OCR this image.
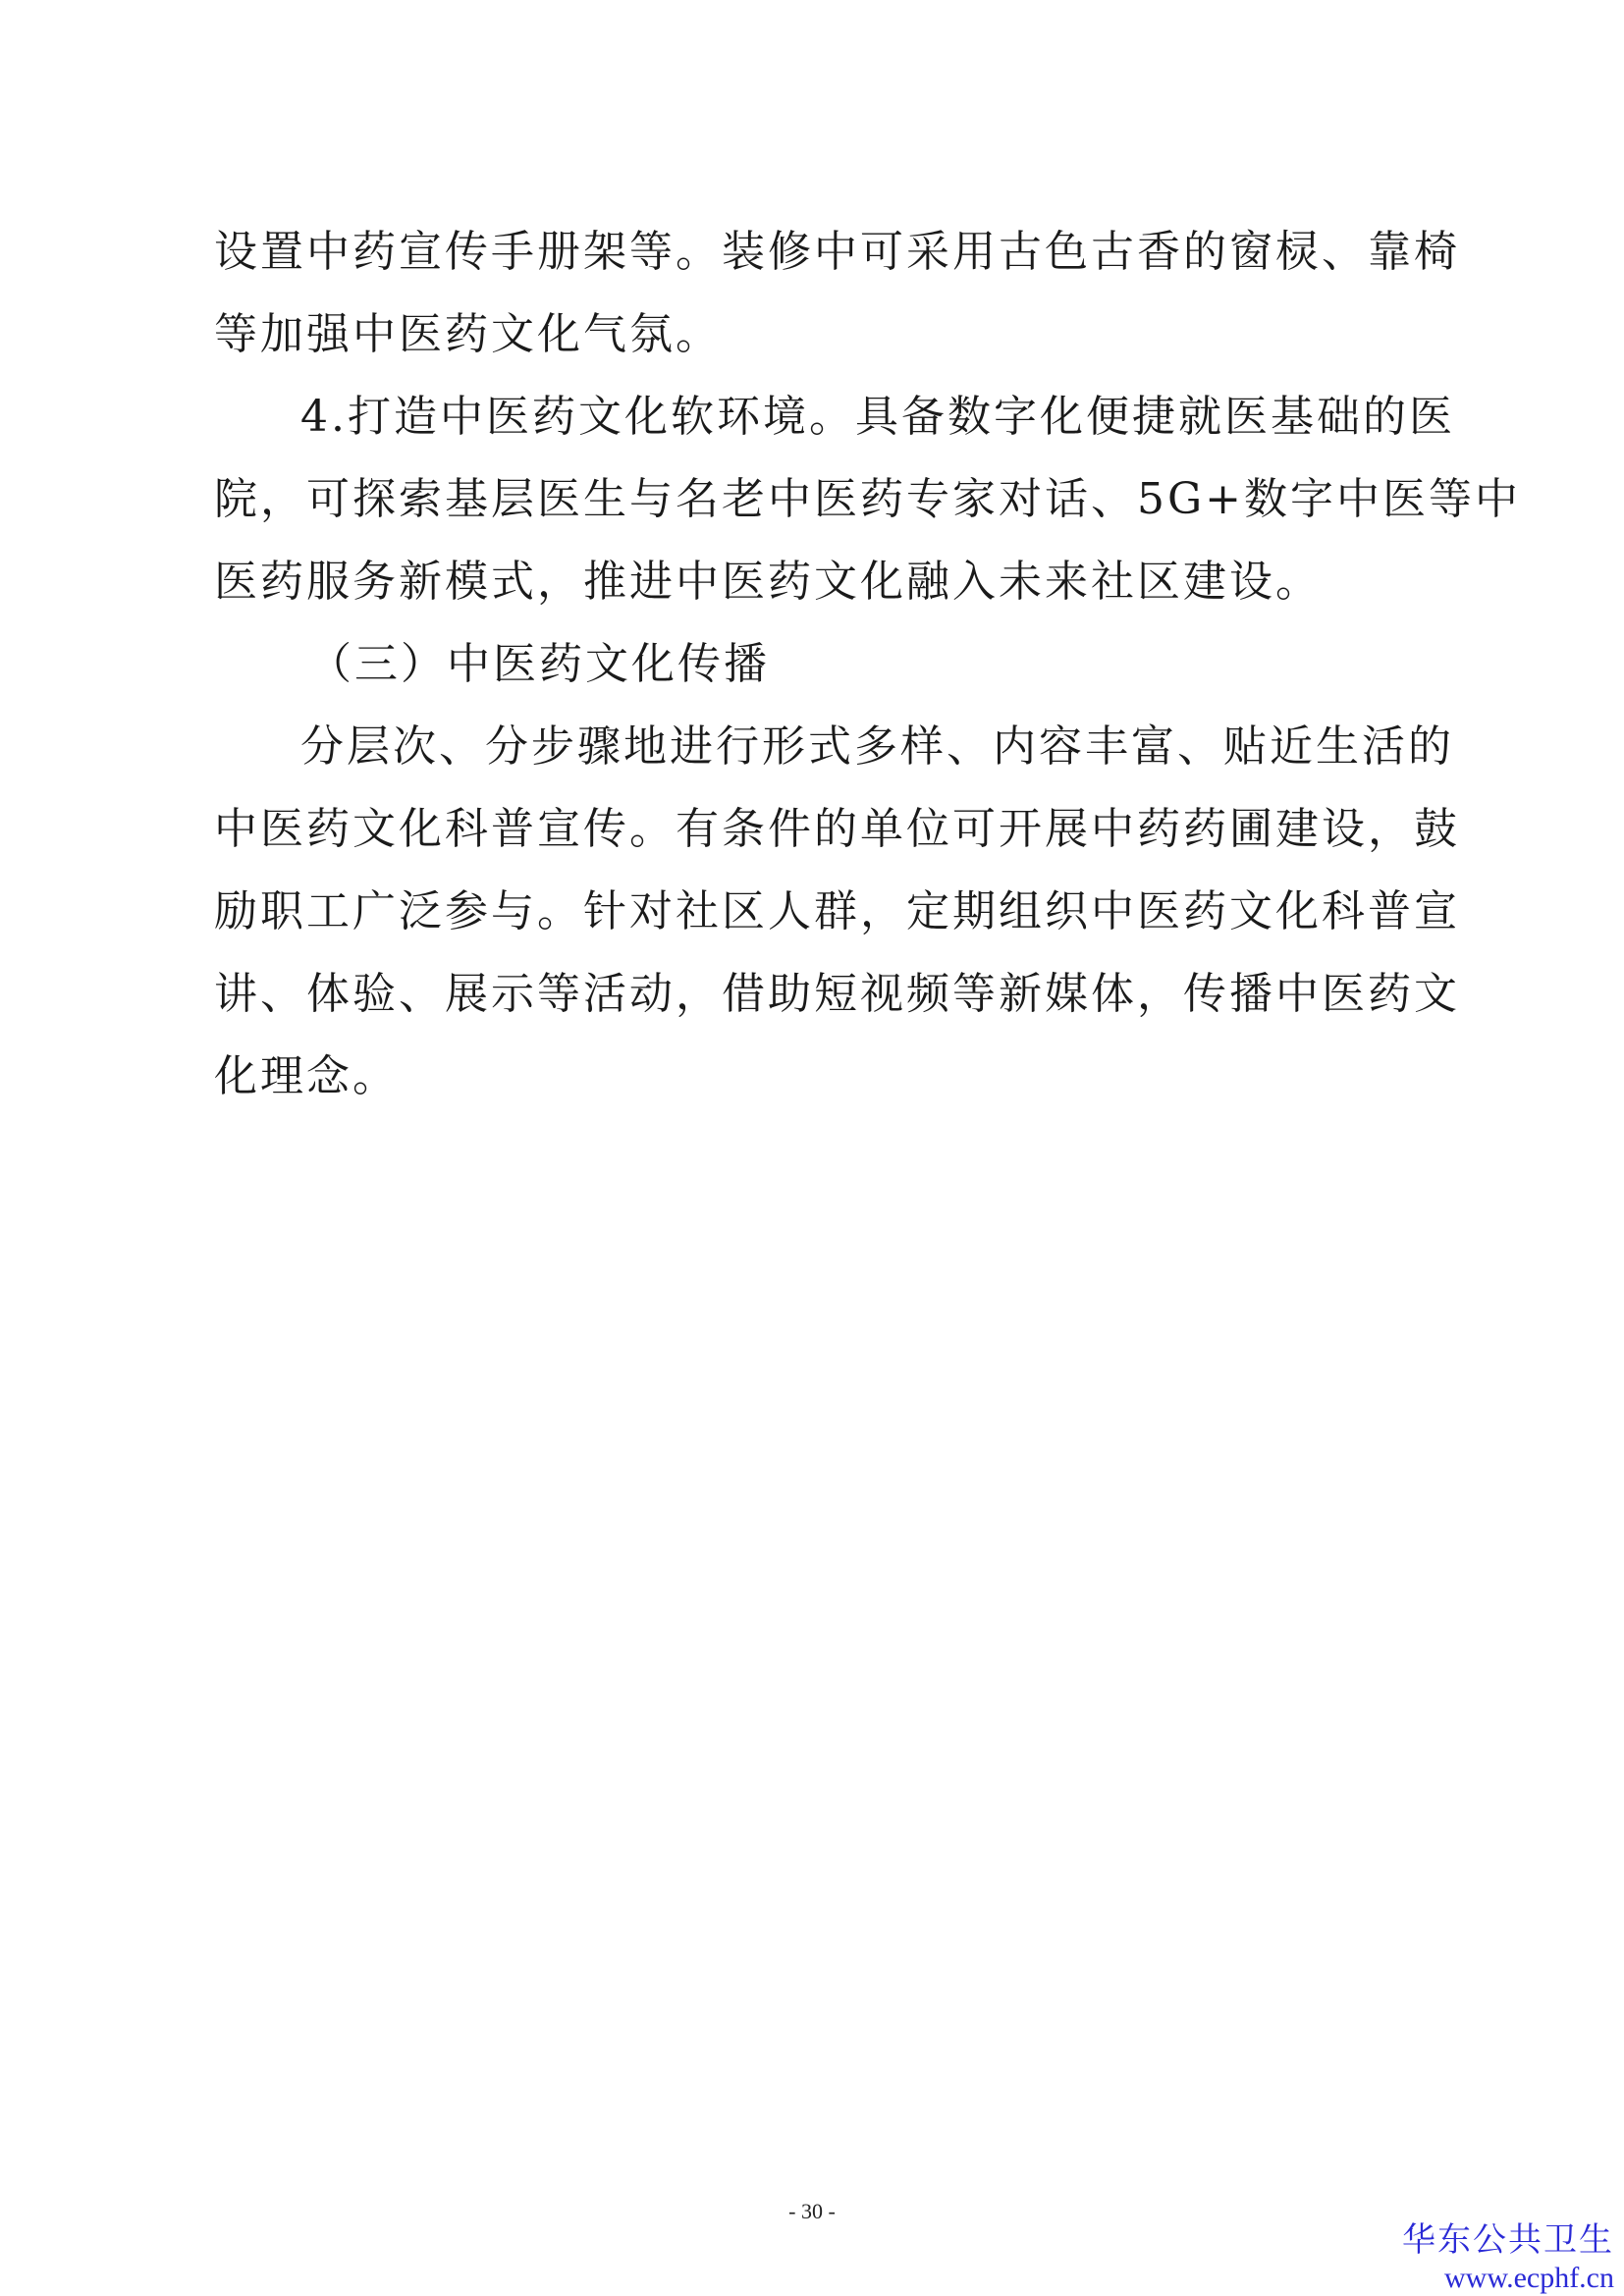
设置中药宣传手册架等。装修中可采用古色古香的窗棂、靠椅
等加强中医药文化气氛。
4.打造中医药文化软环境。具备数字化便捷就医基础的医
院，可探索基层医生与名老中医药专家对话、5G+数字中医等中
医药服务新模式，推进中医药文化融入未来社区建设。
（三）中医药文化传播
分层次、分步骤地进行形式多样、内容丰富、贴近生活的
中医药文化科普宣传。有条件的单位可开展中药药圃建设，鼓
励职工广泛参与。针对社区人群，定期组织中医药文化科普宣
讲、体验、展示等活动，借助短视频等新媒体，传播中医药文
化理念。
- 30 -
华东公共卫生
www.ecphf.cn
